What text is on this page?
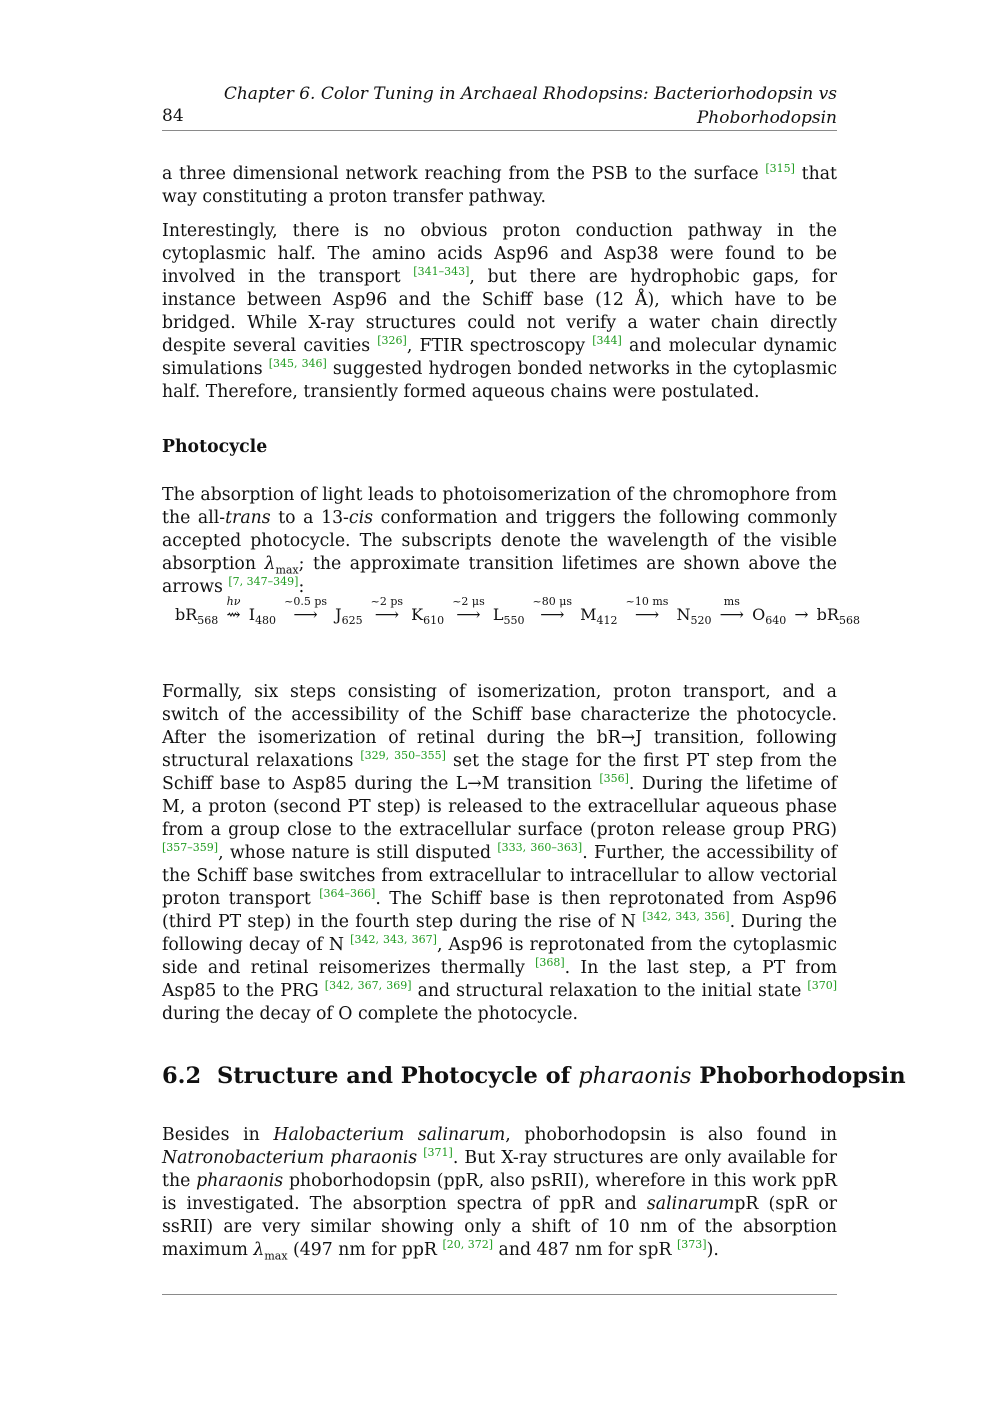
84
Chapter 6. Color Tuning in Archaeal Rhodopsins: Bacteriorhodopsin vs
Phoborhodopsin
a three dimensional network reaching from the PSB to the surface [315] that way constituting a proton transfer pathway.
Interestingly, there is no obvious proton conduction pathway in the cytoplasmic half. The amino acids Asp96 and Asp38 were found to be involved in the transport [341–343], but there are hydrophobic gaps, for instance between Asp96 and the Schiff base (12 Å), which have to be bridged. While X-ray structures could not verify a water chain directly despite several cavities [326], FTIR spectroscopy [344] and molecular dynamic simulations [345, 346] suggested hydrogen bonded networks in the cytoplasmic half. Therefore, transiently formed aqueous chains were postulated.
Photocycle
The absorption of light leads to photoisomerization of the chromophore from the all-trans to a 13-cis conformation and triggers the following commonly accepted photocycle. The subscripts denote the wavelength of the visible absorption $\lambda_{max}$; the approximate transition lifetimes are shown above the arrows [7, 347–349]:
$bR_{568}$
hν
⇝ $I_{480}$
~0.5 ps
⟶	$J_{625}$
~2 ps
⟶ $K_{610}$
~2 μs
⟶ $L_{550}$
~80 μs
⟶ $M_{412}$
~10 ms
⟶	$N_{520}$
ms
⟶ $O_{640}$
→ $bR_{568}$
Formally, six steps consisting of isomerization, proton transport, and a switch of the accessibility of the Schiff base characterize the photocycle. After the isomerization of retinal during the bR→J transition, following structural relaxations [329, 350–355] set the stage for the first PT step from the Schiff base to Asp85 during the L→M transition [356]. During the lifetime of M, a proton (second PT step) is released to the extracellular aqueous phase from a group close to the extracellular surface (proton release group PRG) [357–359], whose nature is still disputed [333, 360–363]. Further, the accessibility of the Schiff base switches from extracellular to intracellular to allow vectorial proton transport [364–366]. The Schiff base is then reprotonated from Asp96 (third PT step) in the fourth step during the rise of N [342, 343, 356]. During the following decay of N [342, 343, 367], Asp96 is reprotonated from the cytoplasmic side and retinal reisomerizes thermally [368]. In the last step, a PT from Asp85 to the PRG [342, 367, 369] and structural relaxation to the initial state [370] during the decay of O complete the photocycle.
6.2 Structure and Photocycle of pharaonis Phoborhodopsin
Besides in Halobacterium salinarum, phoborhodopsin is also found in Natronobacterium pharaonis [371]. But X-ray structures are only available for the pharaonis phoborhodopsin (ppR, also psRII), wherefore in this work ppR is investigated. The absorption spectra of ppR and salinarumpR (spR or ssRII) are very similar showing only a shift of 10 nm of the absorption maximum $\lambda_{max}$ (497 nm for ppR [20, 372] and 487 nm for spR [373]).
